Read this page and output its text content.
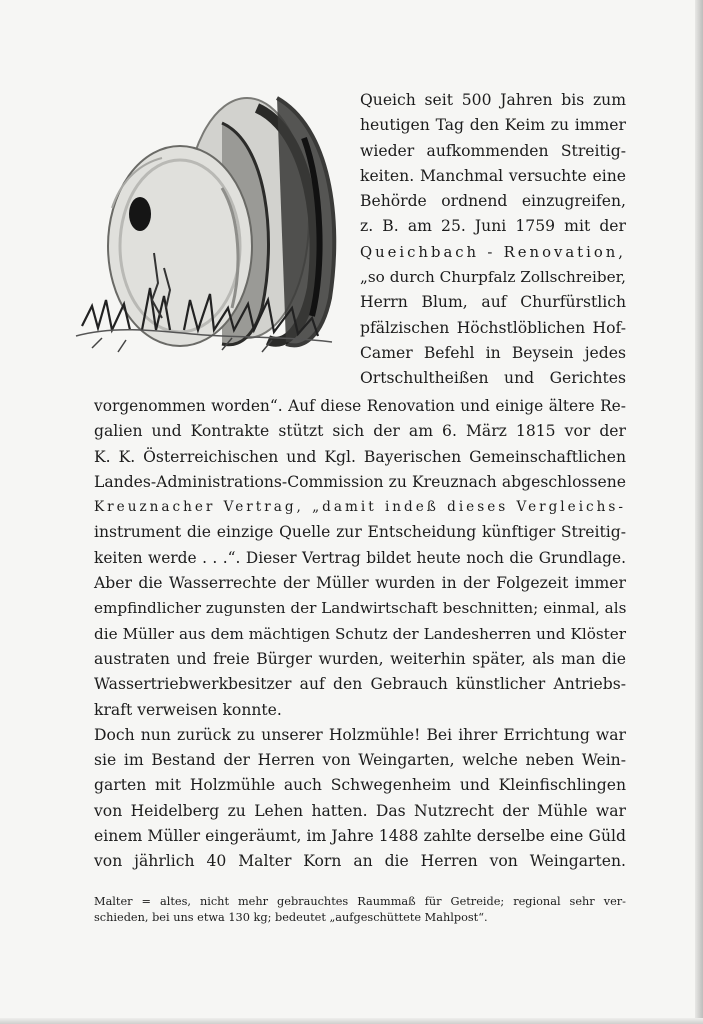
Queich seit 500 Jahren bis zum
heutigen Tag den Keim zu immer
wieder aufkommenden Streitig-
keiten. Manchmal versuchte eine
Behörde ordnend einzugreifen,
z. B. am 25. Juni 1759 mit der
Queichbach - Renovation,
„so durch Churpfalz Zollschreiber,
Herrn Blum, auf Churfürstlich
pfälzischen Höchstlöblichen Hof-
Camer Befehl in Beysein jedes
Ortschultheißen und Gerichtes
vorgenommen worden“. Auf diese Renovation und einige ältere Re-
galien und Kontrakte stützt sich der am 6. März 1815 vor der
K. K. Österreichischen und Kgl. Bayerischen Gemeinschaftlichen
Landes-Administrations-Commission zu Kreuznach abgeschlossene
Kreuznacher Vertrag, „damit indeß dieses Vergleichs-
instrument die einzige Quelle zur Entscheidung künftiger Streitig-
keiten werde . . .“. Dieser Vertrag bildet heute noch die Grundlage.
Aber die Wasserrechte der Müller wurden in der Folgezeit immer
empfindlicher zugunsten der Landwirtschaft beschnitten; einmal, als
die Müller aus dem mächtigen Schutz der Landesherren und Klöster
austraten und freie Bürger wurden, weiterhin später, als man die
Wassertriebwerkbesitzer auf den Gebrauch künstlicher Antriebs-
kraft verweisen konnte.
Doch nun zurück zu unserer Holzmühle! Bei ihrer Errichtung war
sie im Bestand der Herren von Weingarten, welche neben Wein-
garten mit Holzmühle auch Schwegenheim und Kleinfischlingen
von Heidelberg zu Lehen hatten. Das Nutzrecht der Mühle war
einem Müller eingeräumt, im Jahre 1488 zahlte derselbe eine Güld
von jährlich 40 Malter Korn an die Herren von Weingarten.
Malter = altes, nicht mehr gebrauchtes Raummaß für Getreide; regional sehr ver-
schieden, bei uns etwa 130 kg; bedeutet „aufgeschüttete Mahlpost“.
